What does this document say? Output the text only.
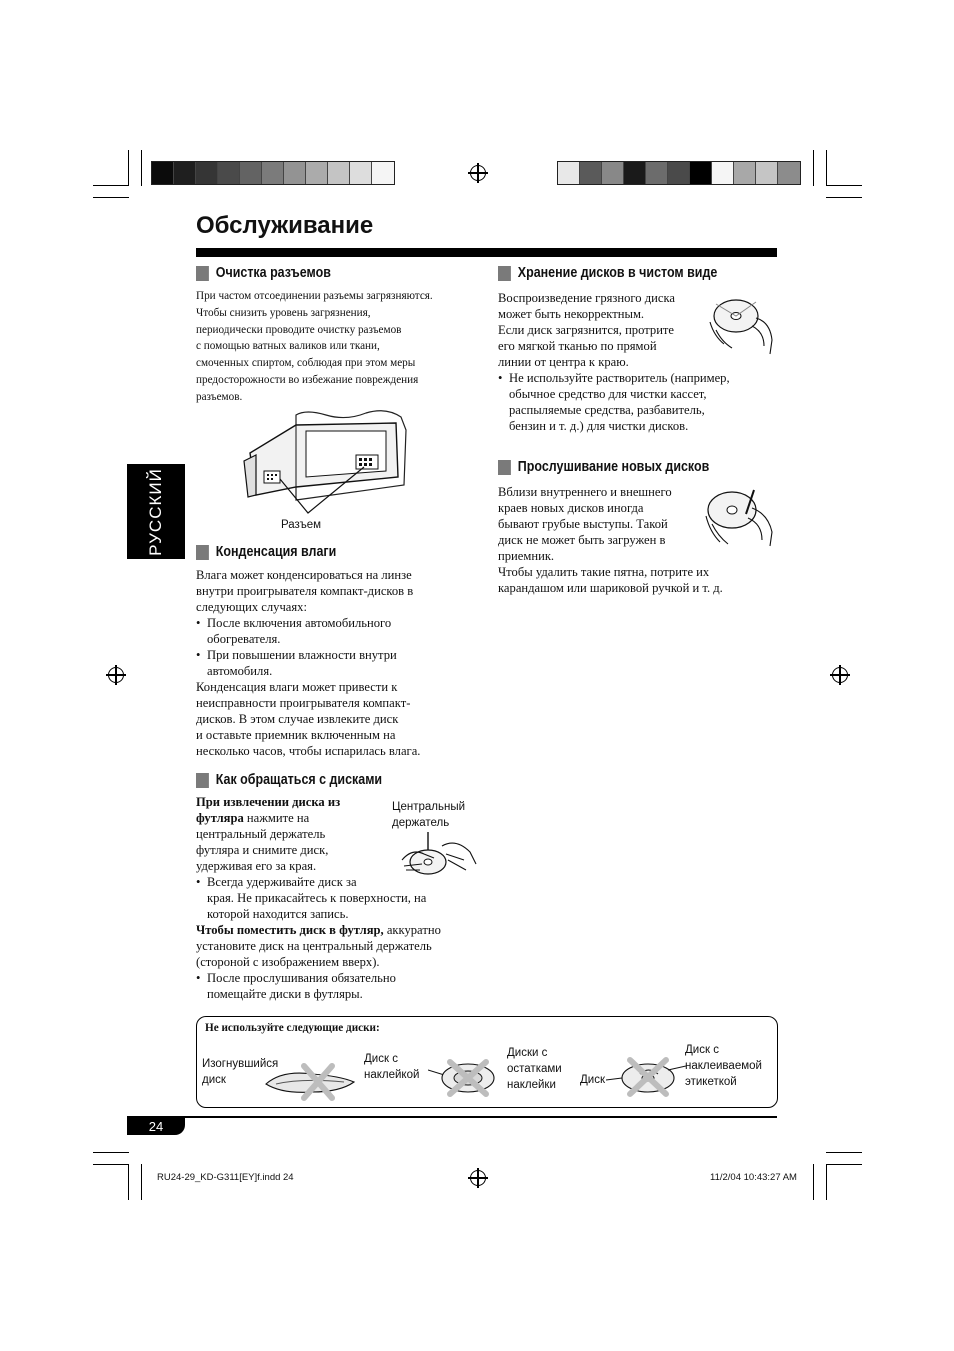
Обслуживание
РУССКИЙ
Очистка разъемов
При частом отсоединении разъемы загрязняются.
Чтобы снизить уровень загрязнения,
периодически проводите очистку разъемов
с помощью ватных валиков или ткани,
смоченных спиртом, соблюдая при этом меры
предосторожности во избежание повреждения
разъемов.
Разъем
Конденсация влаги
Влага может конденсироваться на линзе
внутри проигрывателя компакт-дисков в
следующих случаях:
• После включения автомобильного
обогревателя.
• При повышении влажности внутри
автомобиля.
Конденсация влаги может привести к
неисправности проигрывателя компакт-
дисков. В этом случае извлеките диск
и оставьте приемник включенным на
несколько часов, чтобы испарилась влага.
Как обращаться с дисками
При извлечении диска из
футляра нажмите на
центральный держатель
футляра и снимите диск,
удерживая его за края.
• Всегда удерживайте диск за
края. Не прикасайтесь к поверхности, на
которой находится запись.
Чтобы поместить диск в футляр, аккуратно
установите диск на центральный держатель
(стороной с изображением вверх).
• После прослушивания обязательно
помещайте диски в футляры.
Центральный
держатель
Хранение дисков в чистом виде
Воспроизведение грязного диска
может быть некорректным.
Если диск загрязнится, протрите
его мягкой тканью по прямой
линии от центра к краю.
• Не используйте растворитель (например,
обычное средство для чистки кассет,
распыляемые средства, разбавитель,
бензин и т. д.) для чистки дисков.
Прослушивание новых дисков
Вблизи внутреннего и внешнего
краев новых дисков иногда
бывают грубые выступы. Такой
диск не может быть загружен в
приемник.
Чтобы удалить такие пятна, потрите их
карандашом или шариковой ручкой и т. д.
Не используйте следующие диски:
Изогнувшийся
диск
Диск с
наклейкой
Диски с
остатками
наклейки	Диск
Диск с
наклеиваемой
этикеткой
24
RU24-29_KD-G311[EY]f.indd 24	11/2/04 10:43:27 AM
